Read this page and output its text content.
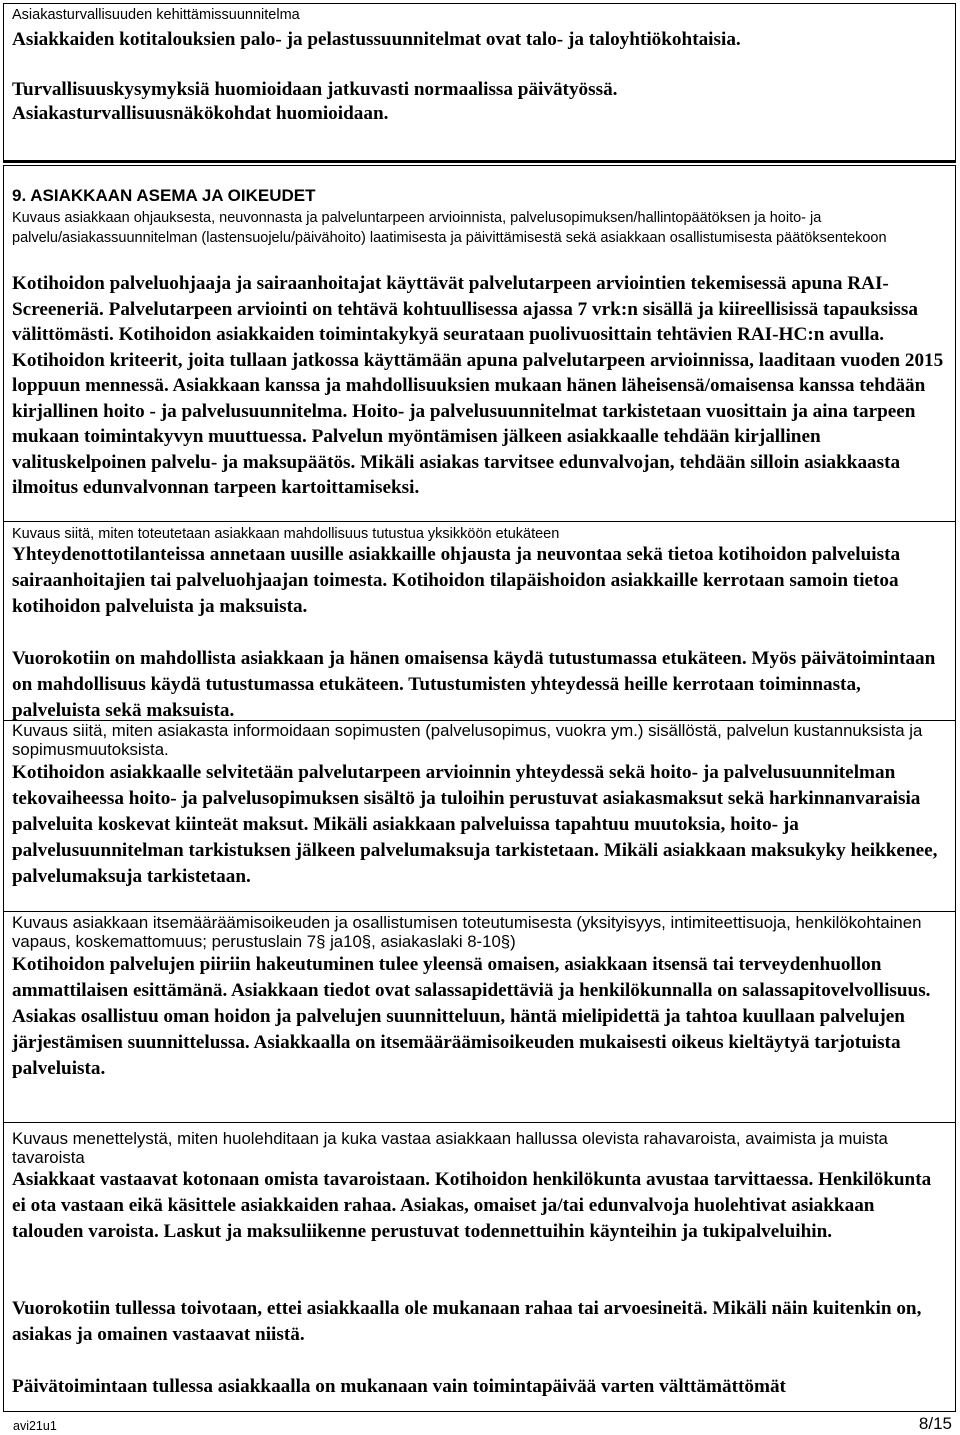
Asiakasturvallisuuden kehittämissuunnitelma
Asiakkaiden kotitalouksien palo- ja pelastussuunnitelmat ovat talo- ja taloyhtiökohtaisia.
Turvallisuuskysymyksiä huomioidaan jatkuvasti normaalissa päivätyössä.
Asiakasturvallisuusnäkökohdat huomioidaan.
9. ASIAKKAAN ASEMA JA OIKEUDET
Kuvaus asiakkaan ohjauksesta, neuvonnasta ja palveluntarpeen arvioinnista, palvelusopimuksen/hallintopäätöksen ja hoito- ja palvelu/asiakassuunnitelman (lastensuojelu/päivähoito) laatimisesta ja päivittämisestä sekä asiakkaan osallistumisesta päätöksentekoon
Kotihoidon palveluohjaaja ja sairaanhoitajat käyttävät palvelutarpeen arviointien tekemisessä apuna RAI-Screeneriä. Palvelutarpeen arviointi on tehtävä kohtuullisessa ajassa 7 vrk:n sisällä ja kiireellisissä tapauksissa välittömästi. Kotihoidon asiakkaiden toimintakykyä seurataan puolivuosittain tehtävien RAI-HC:n avulla. Kotihoidon kriteerit, joita tullaan jatkossa käyttämään apuna palvelutarpeen arvioinnissa, laaditaan vuoden 2015 loppuun mennessä. Asiakkaan kanssa ja mahdollisuuksien mukaan hänen läheisensä/omaisensa kanssa tehdään kirjallinen hoito - ja palvelusuunnitelma. Hoito- ja palvelusuunnitelmat tarkistetaan vuosittain ja aina tarpeen mukaan toimintakyvyn muuttuessa. Palvelun myöntämisen jälkeen asiakkaalle tehdään kirjallinen valituskelpoinen palvelu- ja maksupäätös. Mikäli asiakas tarvitsee edunvalvojan, tehdään silloin asiakkaasta ilmoitus edunvalvonnan tarpeen kartoittamiseksi.
Kuvaus siitä, miten toteutetaan asiakkaan mahdollisuus tutustua yksikköön etukäteen
Yhteydenottotilanteissa annetaan uusille asiakkaille ohjausta ja neuvontaa sekä tietoa kotihoidon palveluista sairaanhoitajien tai palveluohjaajan toimesta. Kotihoidon tilapäishoidon asiakkaille kerrotaan samoin tietoa kotihoidon palveluista ja maksuista.
Vuorokotiin on mahdollista asiakkaan ja hänen omaisensa käydä tutustumassa etukäteen. Myös päivätoimintaan on mahdollisuus käydä tutustumassa etukäteen. Tutustumisten yhteydessä heille kerrotaan toiminnasta, palveluista sekä maksuista.
Kuvaus siitä, miten asiakasta informoidaan sopimusten (palvelusopimus, vuokra ym.) sisällöstä, palvelun kustannuksista ja sopimusmuutoksista.
Kotihoidon asiakkaalle selvitetään palvelutarpeen arvioinnin yhteydessä sekä hoito- ja palvelusuunnitelman tekovaiheessa hoito- ja palvelusopimuksen sisältö ja tuloihin perustuvat asiakasmaksut sekä harkinnanvaraisia palveluita koskevat kiinteät maksut. Mikäli asiakkaan palveluissa tapahtuu muutoksia, hoito- ja palvelusuunnitelman tarkistuksen jälkeen palvelumaksuja tarkistetaan. Mikäli asiakkaan maksukyky heikkenee, palvelumaksuja tarkistetaan.
Kuvaus asiakkaan itsemääräämisoikeuden ja osallistumisen toteutumisesta (yksityisyys, intimiteettisuoja, henkilökohtainen vapaus, koskemattomuus; perustuslain 7§ ja10§, asiakaslaki 8-10§)
Kotihoidon palvelujen piiriin hakeutuminen tulee yleensä omaisen, asiakkaan itsensä tai terveydenhuollon ammattilaisen esittämänä. Asiakkaan tiedot ovat salassapidettäviä ja henkilökunnalla on salassapitovelvollisuus. Asiakas osallistuu oman hoidon ja palvelujen suunnitteluun, häntä mielipidettä ja tahtoa kuullaan palvelujen järjestämisen suunnittelussa. Asiakkaalla on itsemääräämisoikeuden mukaisesti oikeus kieltäytyä tarjotuista palveluista.
Kuvaus menettelystä, miten huolehditaan ja kuka vastaa asiakkaan hallussa olevista rahavaroista, avaimista ja muista tavaroista
Asiakkaat vastaavat kotonaan omista tavaroistaan. Kotihoidon henkilökunta avustaa tarvittaessa. Henkilökunta ei ota vastaan eikä käsittele asiakkaiden rahaa. Asiakas, omaiset ja/tai edunvalvoja huolehtivat asiakkaan talouden varoista. Laskut ja maksuliikenne perustuvat todennettuihin käynteihin ja tukipalveluihin.
Vuorokotiin tullessa toivotaan, ettei asiakkaalla ole mukanaan rahaa tai arvoesineitä. Mikäli näin kuitenkin on, asiakas ja omainen vastaavat niistä.
Päivätoimintaan tullessa asiakkaalla on mukanaan vain toimintapäivää varten välttämättömät
avi21u1	8/15
